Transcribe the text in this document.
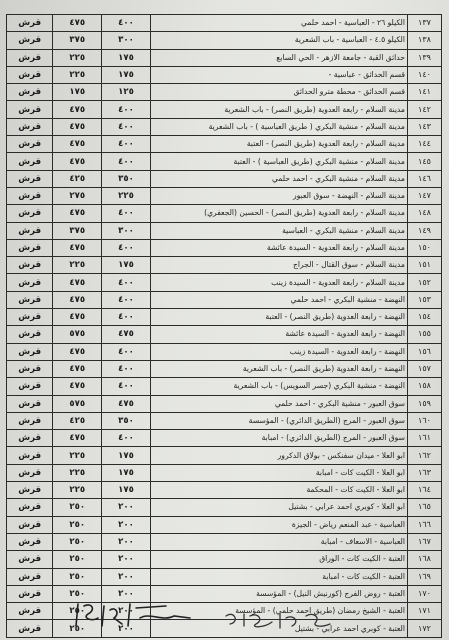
قرش	٤٧٥	٤٠٠	الكيلو ٢٦ - العباسية - احمد حلمي	١٣٧
قرش	٣٧٥	٣٠٠	الكيلو ٤.٥ - العباسية - باب الشعرية	١٣٨
قرش	٢٢٥	١٧٥	حدائق القبة - جامعة الازهر - الحي السابع	١٣٩
قرش	٢٢٥	١٧٥	قسم الحدائق - عباسية -	١٤٠
قرش	١٧٥	١٢٥	قسم الحدائق - محطة مترو الحدائق	١٤١
قرش	٤٧٥	٤٠٠	مدينة السلام - رابعة العدوية (طريق النصر) - باب الشعرية	١٤٢
قرش	٤٧٥	٤٠٠	مدينة السلام - منشية البكري ( طريق العباسية ) - باب الشعرية	١٤٣
قرش	٤٧٥	٤٠٠	مدينة السلام - رابعة العدوية (طريق النصر) - العتبة	١٤٤
قرش	٤٧٥	٤٠٠	مدينة السلام - منشية البكري (طريق العباسية ) - العتبة	١٤٥
قرش	٤٢٥	٣٥٠	مدينة السلام - منشية البكري - احمد حلمي	١٤٦
قرش	٢٧٥	٢٢٥	مدينة السلام - النهضة - سوق العبور	١٤٧
قرش	٤٧٥	٤٠٠	مدينة السلام - رابعة العدوية (طريق النصر) - الحسين (الجعفري)	١٤٨
قرش	٣٧٥	٣٠٠	مدينة السلام - منشية البكري - العباسية	١٤٩
قرش	٤٧٥	٤٠٠	مدينة السلام - رابعة العدوية - السيدة عائشة	١٥٠
قرش	٢٢٥	١٧٥	مدينة السلام - سوق القتال - الجراج	١٥١
قرش	٤٧٥	٤٠٠	مدينة السلام - رابعة العدوية - السيدة زينب	١٥٢
قرش	٤٧٥	٤٠٠	النهضة - منشية البكري - احمد حلمي	١٥٣
قرش	٤٧٥	٤٠٠	النهضة - رابعة العدوية (طريق النصر) - العتبة	١٥٤
قرش	٥٧٥	٤٧٥	النهضة - رابعة العدوية - السيدة عائشة	١٥٥
قرش	٤٧٥	٤٠٠	النهضة - رابعة العدوية - السيدة زينب	١٥٦
قرش	٤٧٥	٤٠٠	النهضة - رابعة العدوية (طريق النصر) - باب الشعرية	١٥٧
قرش	٤٧٥	٤٠٠	النهضة - منشية البكري (جسر السويس) - باب الشعرية	١٥٨
قرش	٥٧٥	٤٧٥	سوق العبور - منشية البكري - احمد حلمي	١٥٩
قرش	٤٢٥	٣٥٠	سوق العبور - المرج (الطريق الدائري) - المؤسسة	١٦٠
قرش	٤٧٥	٤٠٠	سوق العبور - المرج (الطريق الدائري) - امبابة	١٦١
قرش	٢٢٥	١٧٥	ابو العلا - ميدان سفنكس - بولاق الدكرور	١٦٢
قرش	٢٢٥	١٧٥	ابو العلا - الكيت كات - امبابة	١٦٣
قرش	٢٢٥	١٧٥	ابو العلا - الكيت كات - المحكمة	١٦٤
قرش	٢٥٠	٢٠٠	ابو العلا - كوبري احمد عرابي - بشتيل	١٦٥
قرش	٢٥٠	٢٠٠	العباسية - عبد المنعم رياض - الجيزة	١٦٦
قرش	٢٥٠	٢٠٠	العباسية - الاسعاف - امبابة	١٦٧
قرش	٢٥٠	٢٠٠	العتبة - الكيت كات - الوراق	١٦٨
قرش	٢٥٠	٢٠٠	العتبة - الكيت كات - امبابة	١٦٩
قرش	٢٥٠	٢٠٠	العتبة - روض الفرج (كورنيش النيل) - المؤسسة	١٧٠
قرش	٢٥٠	٢٠٠	العتبة - الشيخ رمضان (طريق احمد حلمي) - المؤسسة	١٧١
قرش	٢٥٠	٢٠٠	العتبة - كوبري احمد عرابي - بشتيل	١٧٢
